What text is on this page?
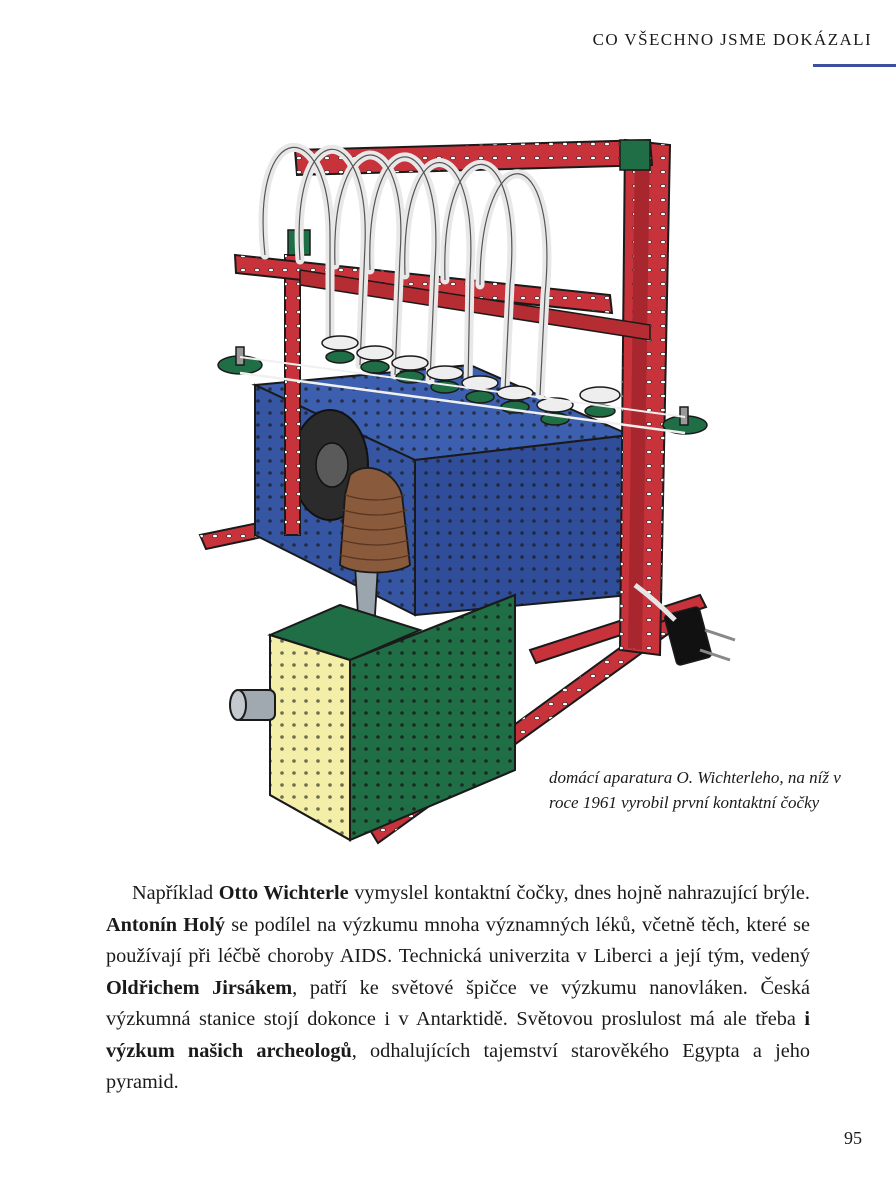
CO VŠECHNO JSME DOKÁZALI
domácí aparatura O. Wichterleho, na níž v roce 1961 vyrobil první kontaktní čočky

Například Otto Wichterle vymyslel kontaktní čočky, dnes hojně nahrazující brýle. Antonín Holý se podílel na výzkumu mnoha významných léků, včetně těch, které se používají při léčbě choroby AIDS. Technická univerzita v Liberci a její tým, vedený Oldřichem Jirsákem, patří ke světové špičce ve výzkumu nanovláken. Česká výzkumná stanice stojí dokonce i v Antarktidě. Světovou proslulost má ale třeba i výzkum našich archeologů, odhalujících tajemství starověkého Egypta a jeho pyramid.

95
